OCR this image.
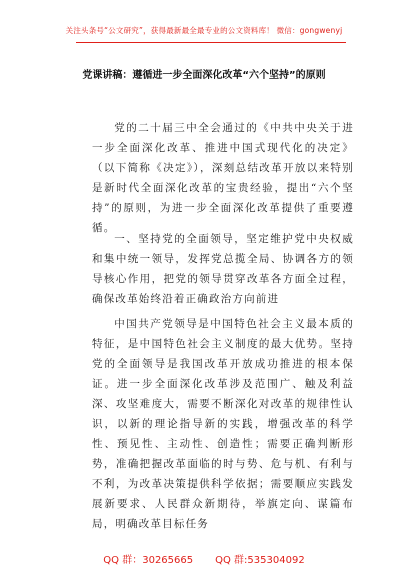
关注头条号“公文研究”，获得最新最全最专业的公文资料库！ 微信：gongwenyj
党课讲稿：遵循进一步全面深化改革“六个坚持”的原则

党的二十届三中全会通过的《中共中央关于进一步全面深化改革、推进中国式现代化的决定》（以下简称《决定》），深刻总结改革开放以来特别是新时代全面深化改革的宝贵经验，提出“六个坚持”的原则，为进一步全面深化改革提供了重要遵循。

一、坚持党的全面领导，坚定维护党中央权威和集中统一领导，发挥党总揽全局、协调各方的领导核心作用，把党的领导贯穿改革各方面全过程，确保改革始终沿着正确政治方向前进

中国共产党领导是中国特色社会主义最本质的特征，是中国特色社会主义制度的最大优势。坚持党的全面领导是我国改革开放成功推进的根本保证。进一步全面深化改革涉及范围广、触及利益深、攻坚难度大，需要不断深化对改革的规律性认识，以新的理论指导新的实践，增强改革的科学性、预见性、主动性、创造性；需要正确判断形势，准确把握改革面临的时与势、危与机、有利与不利，为改革决策提供科学依据；需要顺应实践发展新要求、人民群众新期待，举旗定向、谋篇布局，明确改革目标任务

QQ 群：30265665 QQ 群:535304092
